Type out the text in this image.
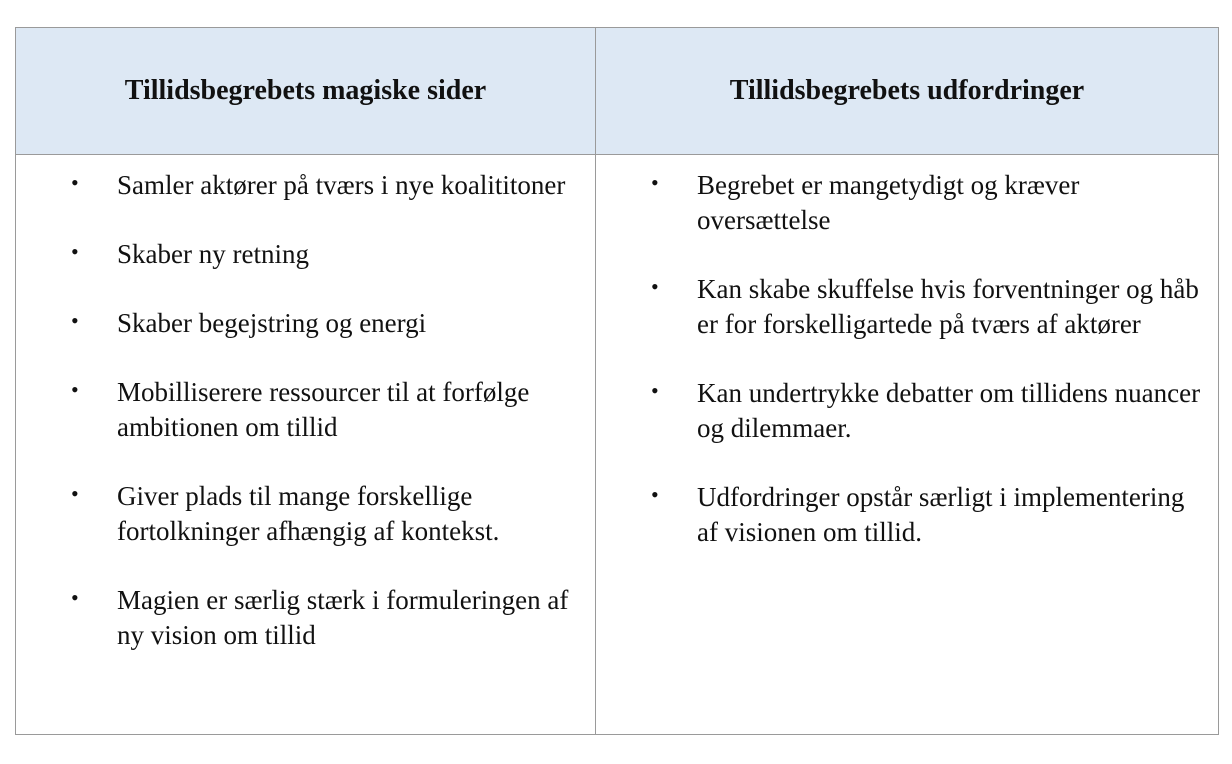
Tillidsbegrebets magiske sider	Tillidsbegrebets udfordringer
• Samler aktører på tværs i nye koalititoner
• Skaber ny retning
• Skaber begejstring og energi
• Mobilliserere ressourcer til at forfølge ambitionen om tillid
• Giver plads til mange forskellige fortolkninger afhængig af kontekst.
• Magien er særlig stærk i formuleringen af ny vision om tillid
• Begrebet er mangetydigt og kræver oversættelse
• Kan skabe skuffelse hvis forventninger og håb er for forskelligartede på tværs af aktører
• Kan undertrykke debatter om tillidens nuancer og dilemmaer.
• Udfordringer opstår særligt i implementering af visionen om tillid.
